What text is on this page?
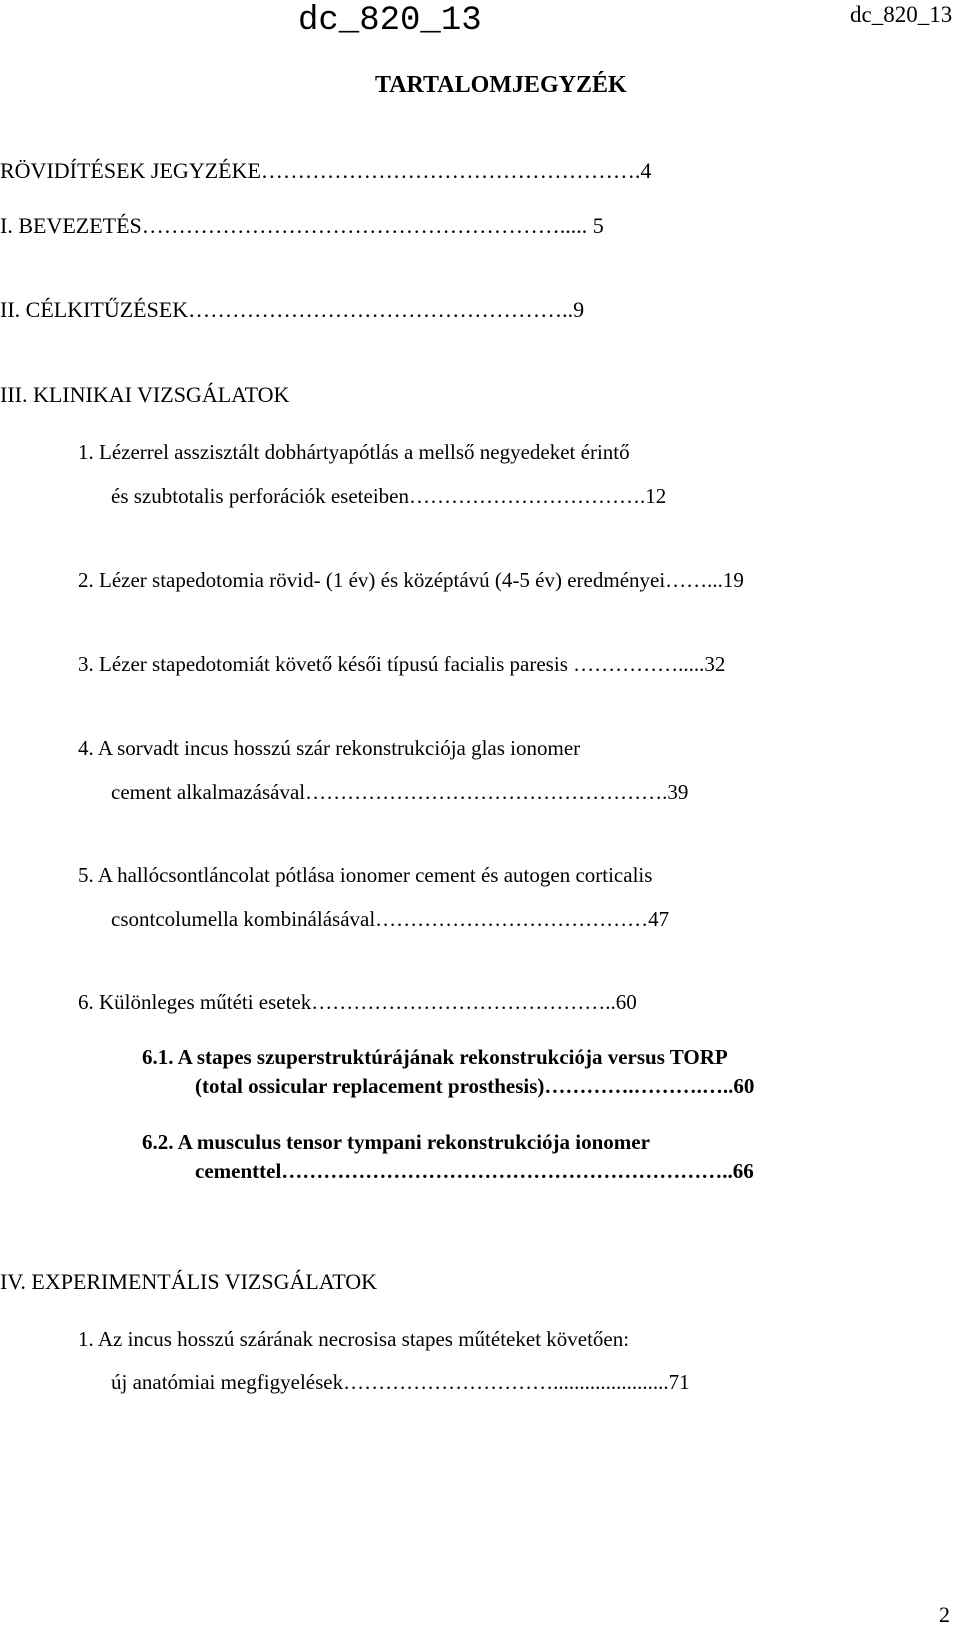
dc_820_13	dc_820_13
TARTALOMJEGYZÉK
RÖVIDÍTÉSEK JEGYZÉKE…………………………………………….4
I. BEVEZETÉS…………………………………………………..... 5
II. CÉLKITŰZÉSEK……………………………………………..9
III. KLINIKAI VIZSGÁLATOK
1. Lézerrel asszisztált dobhártyapótlás a mellső negyedeket érintő
és szubtotalis perforációk eseteiben…………………………….12
2. Lézer stapedotomia rövid- (1 év) és középtávú (4-5 év) eredményei……...19
3. Lézer stapedotomiát követő késői típusú facialis paresis …………….....32
4. A sorvadt incus hosszú szár rekonstrukciója glas ionomer
cement alkalmazásával…………………………………………….39
5. A hallócsontláncolat pótlása ionomer cement és autogen corticalis
csontcolumella kombinálásával…………………………………47
6. Különleges műtéti esetek……………………………………..60
6.1. A stapes szuperstruktúrájának rekonstrukciója versus TORP
(total ossicular replacement prosthesis)………….……….…..60
6.2. A musculus tensor tympani rekonstrukciója ionomer
cementtel………………………………………………………..66
IV. EXPERIMENTÁLIS VIZSGÁLATOK
1. Az incus hosszú szárának necrosisa stapes műtéteket követően:
új anatómiai megfigyelések…………………………......................71
2
